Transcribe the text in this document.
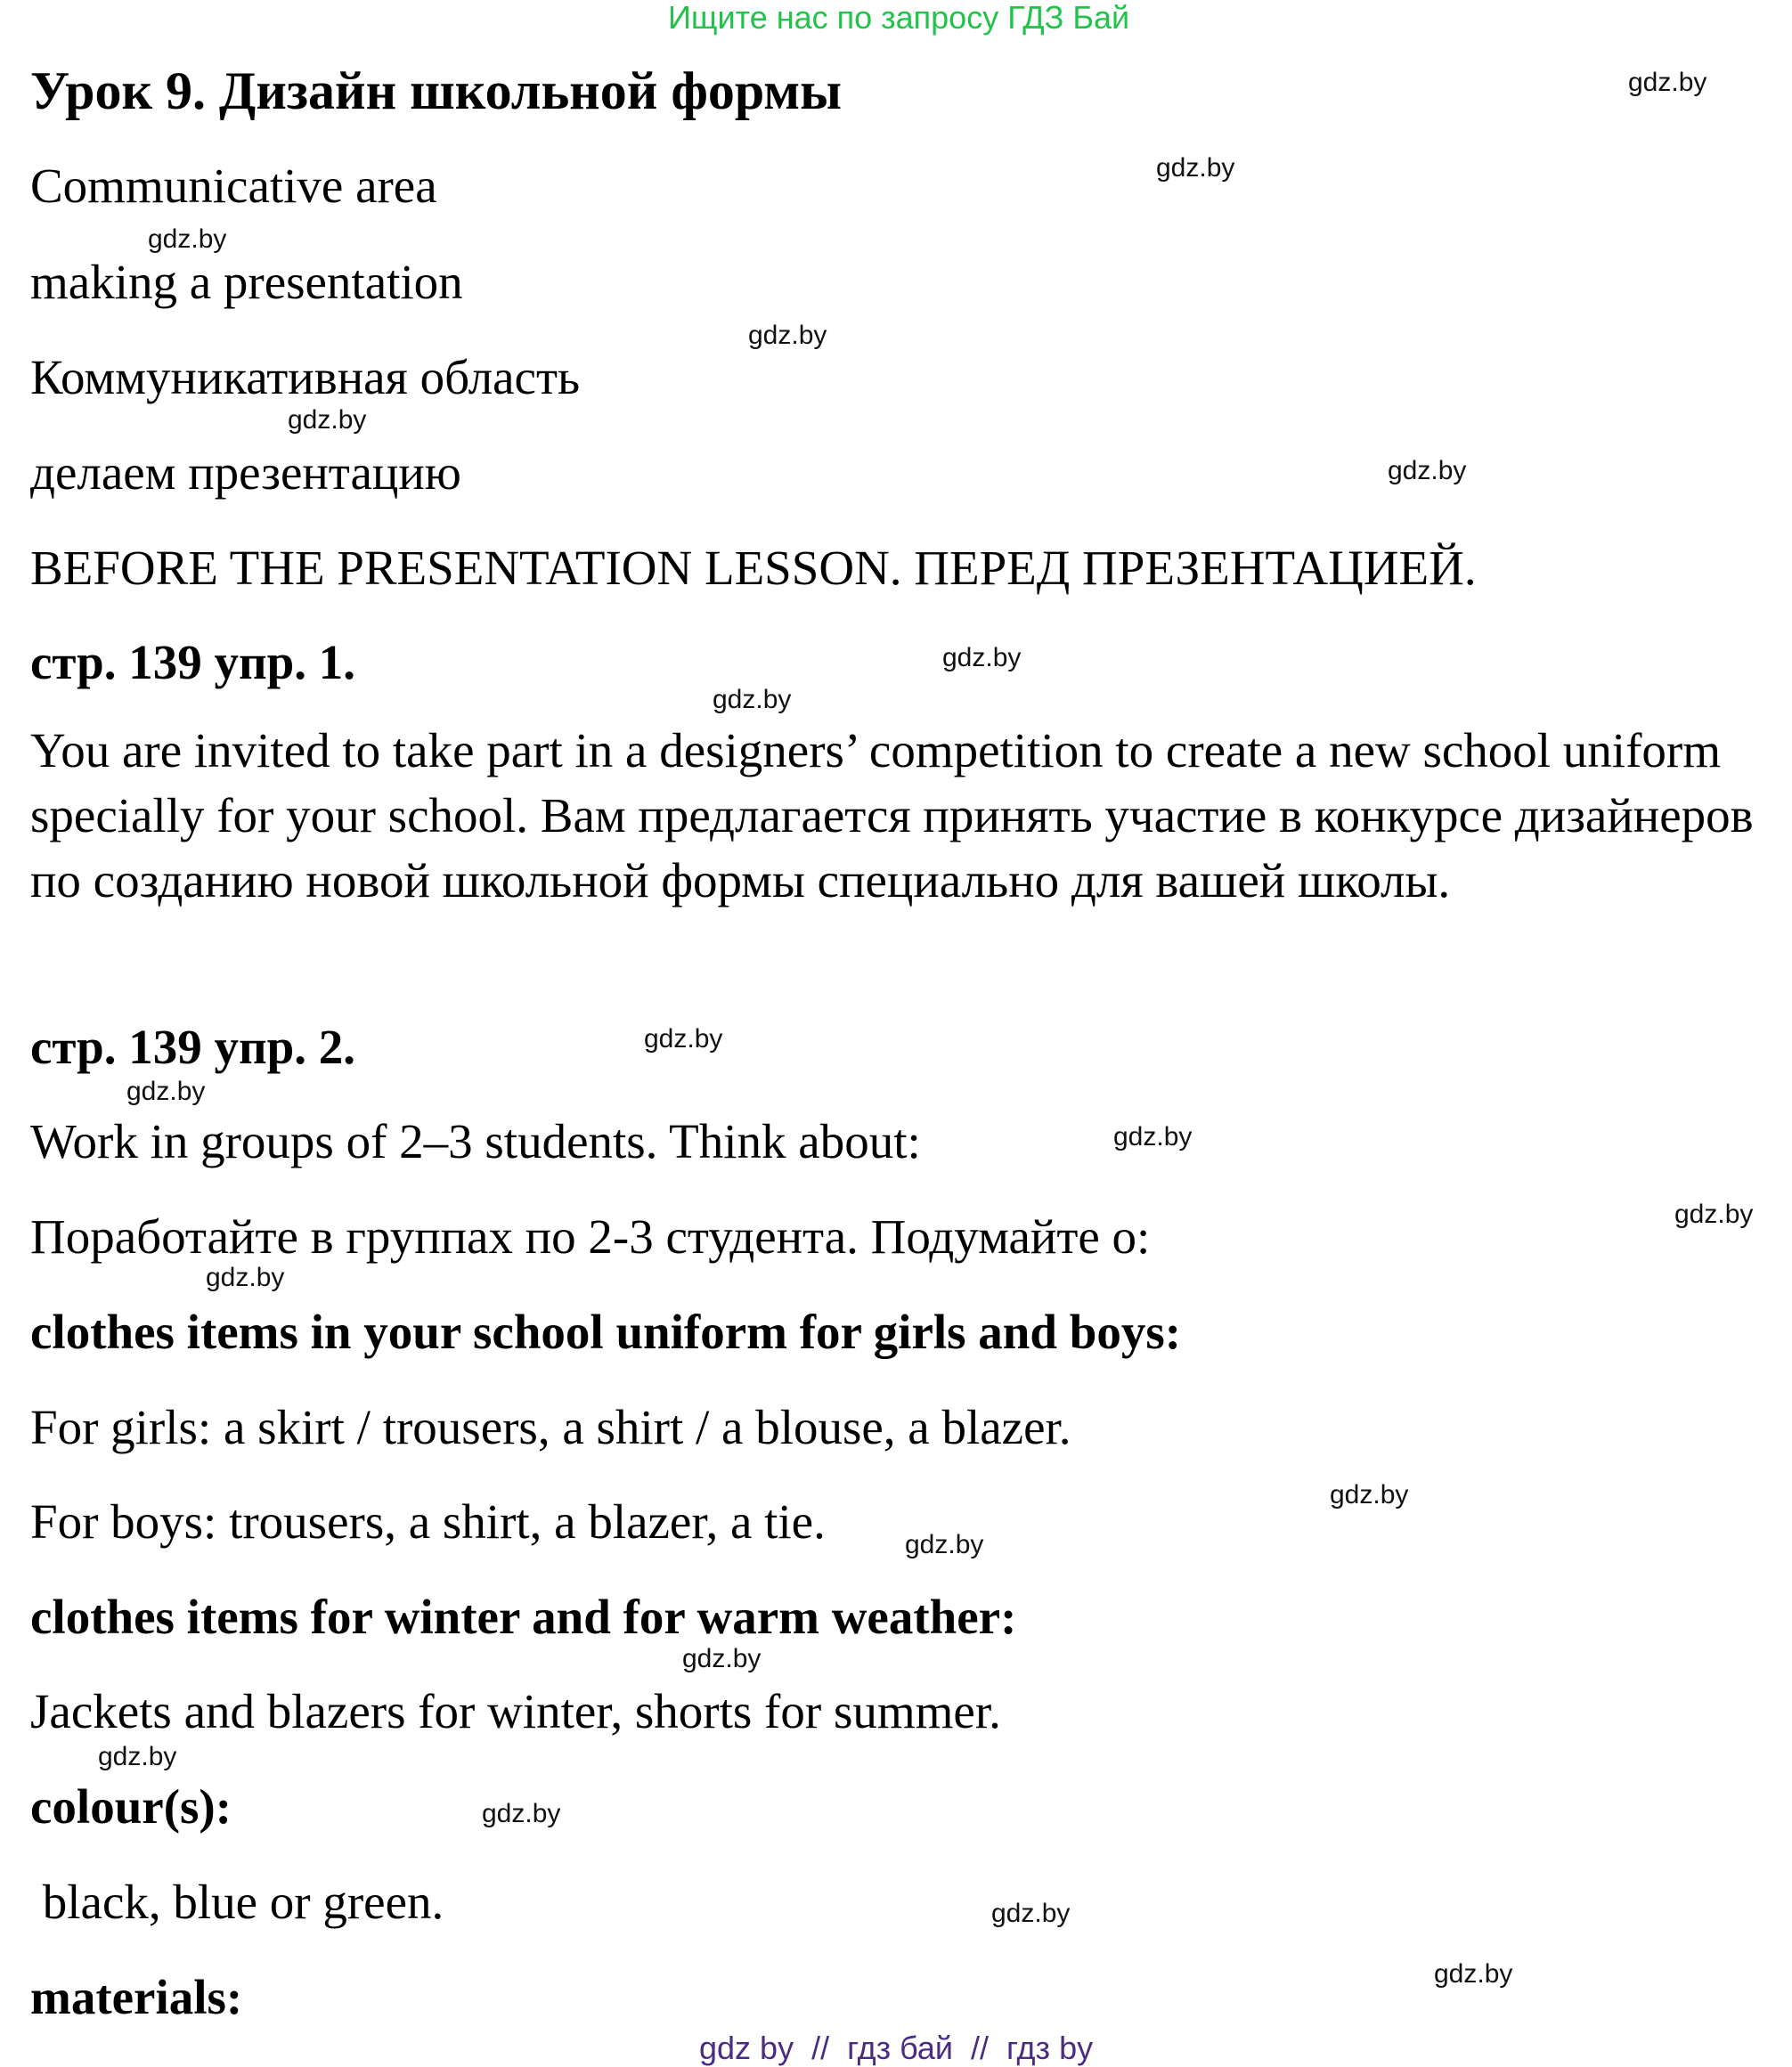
Ищите нас по запросу ГДЗ Бай
Урок 9. Дизайн школьной формы
Communicative area
making a presentation
Коммуникативная область
делаем презентацию
BEFORE THE PRESENTATION LESSON. ПЕРЕД ПРЕЗЕНТАЦИЕЙ.
стр. 139 упр. 1.
You are invited to take part in a designers’ competition to create a new school uniform specially for your school. Вам предлагается принять участие в конкурсе дизайнеров по созданию новой школьной формы специально для вашей школы.
стр. 139 упр. 2.
Work in groups of 2–3 students. Think about:
Поработайте в группах по 2-3 студента. Подумайте о:
clothes items in your school uniform for girls and boys:
For girls: a skirt / trousers, a shirt / a blouse, a blazer.
For boys: trousers, a shirt, a blazer, a tie.
clothes items for winter and for warm weather:
Jackets and blazers for winter, shorts for summer.
colour(s):
black, blue or green.
materials:
gdz.by
gdz.by
gdz.by
gdz.by
gdz.by
gdz.by
gdz.by
gdz.by
gdz.by
gdz.by
gdz.by
gdz.by
gdz.by
gdz.by
gdz.by
gdz.by
gdz.by
gdz.by
gdz.by
gdz.by
gdz by  //  гдз бай  //  гдз by
